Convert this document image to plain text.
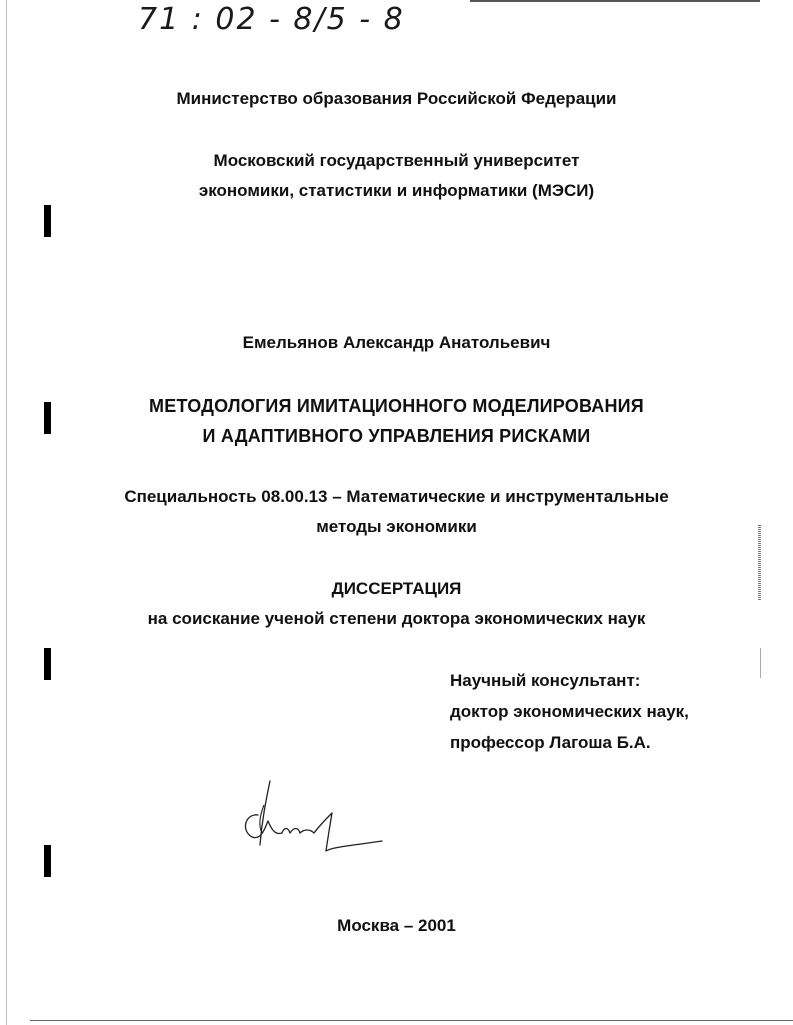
71 : 02 - 8/5 - 8
Министерство образования Российской Федерации
Московский государственный университет
экономики, статистики и информатики (МЭСИ)
Емельянов Александр Анатольевич
МЕТОДОЛОГИЯ ИМИТАЦИОННОГО МОДЕЛИРОВАНИЯ
И АДАПТИВНОГО УПРАВЛЕНИЯ РИСКАМИ
Специальность 08.00.13 – Математические и инструментальные
методы экономики
ДИССЕРТАЦИЯ
на соискание ученой степени доктора экономических наук
Научный консультант:
доктор экономических наук,
профессор Лагоша Б.А.
Москва – 2001
